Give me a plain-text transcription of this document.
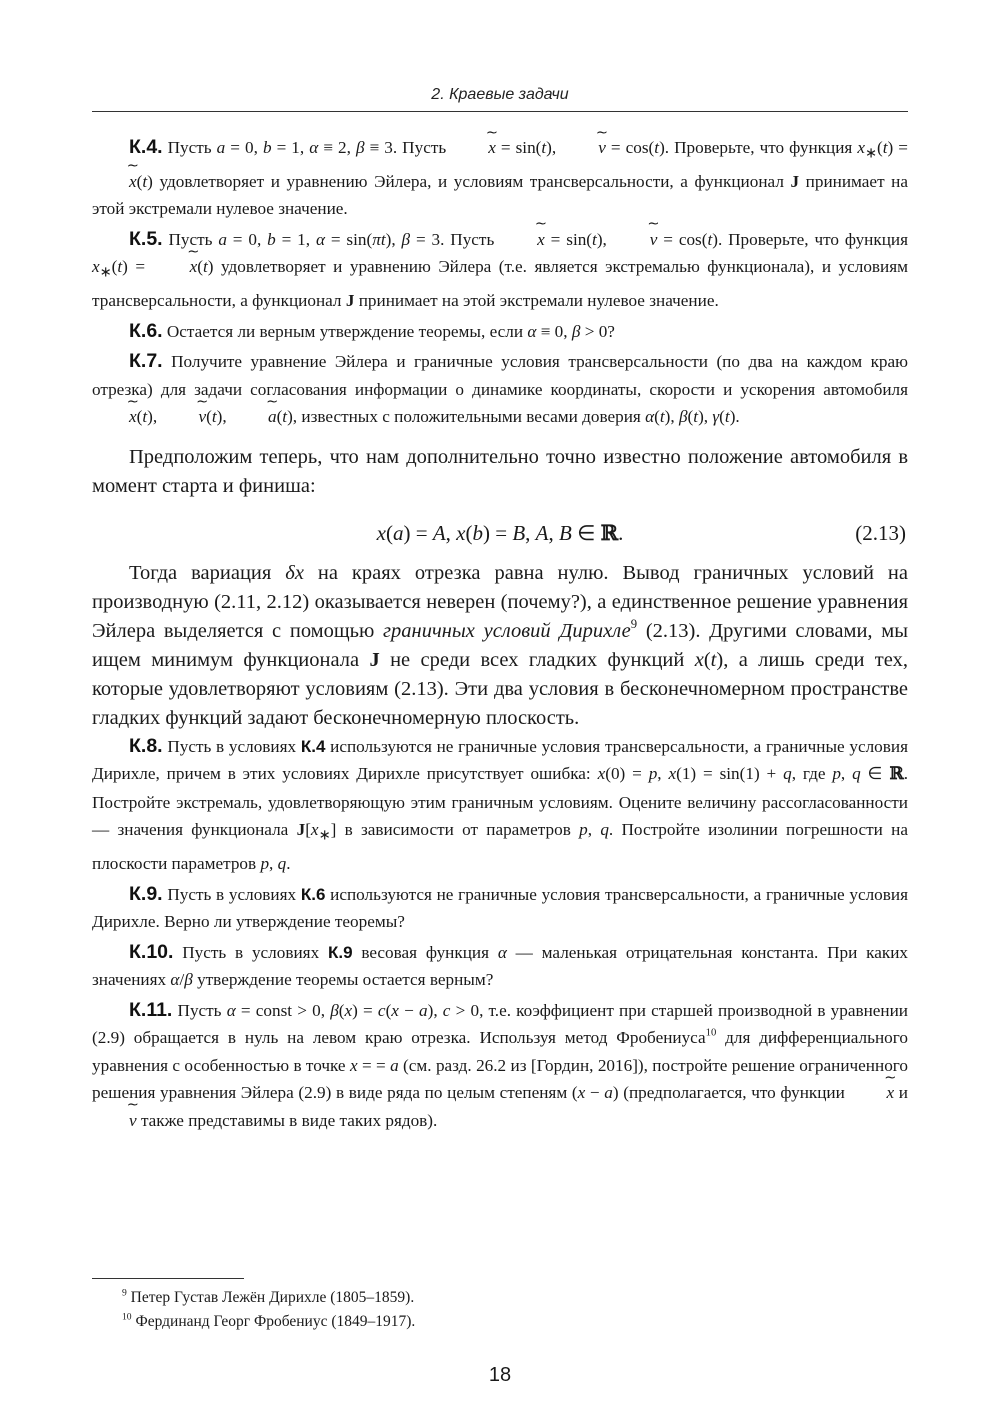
2. Краевые задачи

К.4. Пусть a = 0, b = 1, α ≡ 2, β ≡ 3. Пусть ∼ x = sin(t), ∼ v = cos(t). Проверьте, что функция $x_∗(t)$ = ∼ x(t) удовлетворяет и уравнению Эйлера, и условиям трансверсальности, а функционал J принимает на этой экстремали нулевое значение.

К.5. Пусть a = 0, b = 1, α = sin(πt), β = 3. Пусть ∼ x = sin(t), ∼ v = cos(t). Проверьте, что функция $x_∗(t)$ = ∼ x(t) удовлетворяет и уравнению Эйлера (т.е. является экстремалью функционала), и условиям трансверсальности, а функционал J принимает на этой экстремали нулевое значение.

К.6. Остается ли верным утверждение теоремы, если α ≡ 0, β > 0?

К.7. Получите уравнение Эйлера и граничные условия трансверсальности (по два на каждом краю отрезка) для задачи согласования информации о динамике координаты, скорости и ускорения автомобиля ∼ x(t), ∼ v(t), ∼ a(t), известных с положительными весами доверия α(t), β(t), γ(t).

Предположим теперь, что нам дополнительно точно известно положение автомобиля в момент старта и финиша:

x(a) = A, x(b) = B, A, B ∈ ℝ.	(2.13)

Тогда вариация δx на краях отрезка равна нулю. Вывод граничных условий на производную (2.11, 2.12) оказывается неверен (почему?), а единственное решение уравнения Эйлера выделяется с помощью граничных условий Дирихле$^9$ (2.13). Другими словами, мы ищем минимум функционала J не среди всех гладких функций x(t), а лишь среди тех, которые удовлетворяют условиям (2.13). Эти два условия в бесконечномерном пространстве гладких функций задают бесконечномерную плоскость.

К.8. Пусть в условиях К.4 используются не граничные условия трансверсальности, а граничные условия Дирихле, причем в этих условиях Дирихле присутствует ошибка: x(0) = p, x(1) = sin(1) + q, где p, q ∈ ℝ. Постройте экстремаль, удовлетворяющую этим граничным условиям. Оцените величину рассогласованности — значения функционала $J[x_∗]$ в зависимости от параметров p, q. Постройте изолинии погрешности на плоскости параметров p, q.

К.9. Пусть в условиях К.6 используются не граничные условия трансверсальности, а граничные условия Дирихле. Верно ли утверждение теоремы?

К.10. Пусть в условиях К.9 весовая функция α — маленькая отрицательная константа. При каких значениях α/β утверждение теоремы остается верным?

К.11. Пусть α = const > 0, β(x) = c(x − a), c > 0, т.е. коэффициент при старшей производной в уравнении (2.9) обращается в нуль на левом краю отрезка. Используя метод Фробениуса$^{10}$ для дифференциального уравнения с особенностью в точке x = = a (см. разд. 26.2 из [Гордин, 2016]), постройте решение ограниченного решения уравнения Эйлера (2.9) в виде ряда по целым степеням (x − a) (предполагается, что функции ∼ x и ∼ v также представимы в виде таких рядов).

$^9$ Петер Густав Лежён Дирихле (1805–1859).
$^{10}$ Фердинанд Георг Фробениус (1849–1917).
18
